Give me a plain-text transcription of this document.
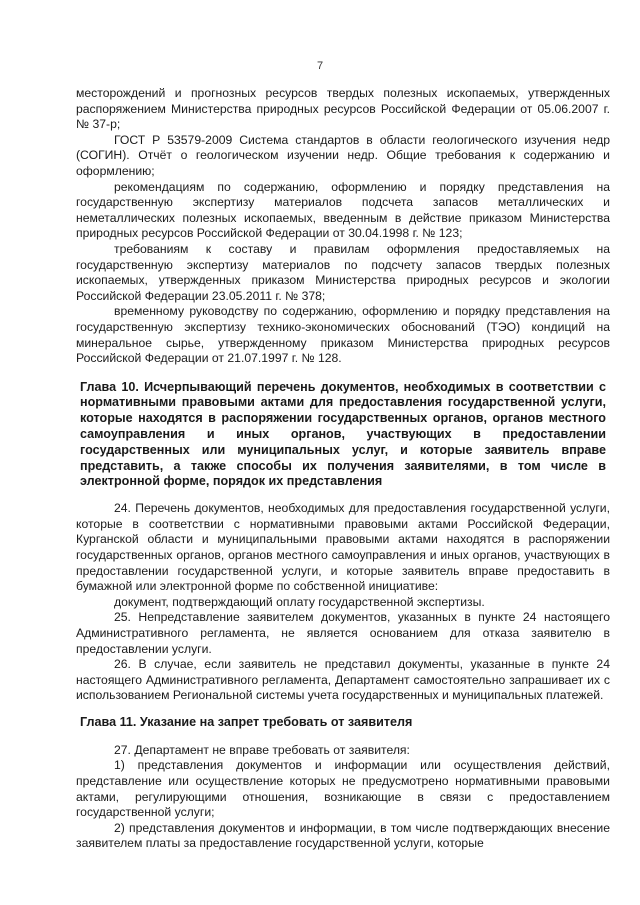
7

месторождений и прогнозных ресурсов твердых полезных ископаемых, утвержденных распоряжением Министерства природных ресурсов Российской Федерации от 05.06.2007 г. № 37-р;

ГОСТ Р 53579-2009 Система стандартов в области геологического изучения недр (СОГИН). Отчёт о геологическом изучении недр. Общие требования к содержанию и оформлению;

рекомендациям по содержанию, оформлению и порядку представления на государственную экспертизу материалов подсчета запасов металлических и неметаллических полезных ископаемых, введенным в действие приказом Министерства природных ресурсов Российской Федерации от 30.04.1998 г. № 123;

требованиям к составу и правилам оформления предоставляемых на государственную экспертизу материалов по подсчету запасов твердых полезных ископаемых, утвержденных приказом Министерства природных ресурсов и экологии Российской Федерации 23.05.2011 г. № 378;

временному руководству по содержанию, оформлению и порядку представления на государственную экспертизу технико-экономических обоснований (ТЭО) кондиций на минеральное сырье, утвержденному приказом Министерства природных ресурсов Российской Федерации от 21.07.1997 г. № 128.

Глава 10. Исчерпывающий перечень документов, необходимых в соответствии с нормативными правовыми актами для предоставления государственной услуги, которые находятся в распоряжении государственных органов, органов местного самоуправления и иных органов, участвующих в предоставлении государственных или муниципальных услуг, и которые заявитель вправе представить, а также способы их получения заявителями, в том числе в электронной форме, порядок их представления

24. Перечень документов, необходимых для предоставления государственной услуги, которые в соответствии с нормативными правовыми актами Российской Федерации, Курганской области и муниципальными правовыми актами находятся в распоряжении государственных органов, органов местного самоуправления и иных органов, участвующих в предоставлении государственной услуги, и которые заявитель вправе предоставить в бумажной или электронной форме по собственной инициативе:

документ, подтверждающий оплату государственной экспертизы.

25. Непредставление заявителем документов, указанных в пункте 24 настоящего Административного регламента, не является основанием для отказа заявителю в предоставлении услуги.

26. В случае, если заявитель не представил документы, указанные в пункте 24 настоящего Административного регламента, Департамент самостоятельно запрашивает их с использованием Региональной системы учета государственных и муниципальных платежей.

Глава 11. Указание на запрет требовать от заявителя

27. Департамент не вправе требовать от заявителя:

1) представления документов и информации или осуществления действий, представление или осуществление которых не предусмотрено нормативными правовыми актами, регулирующими отношения, возникающие в связи с предоставлением государственной услуги;

2) представления документов и информации, в том числе подтверждающих внесение заявителем платы за предоставление государственной услуги, которые
